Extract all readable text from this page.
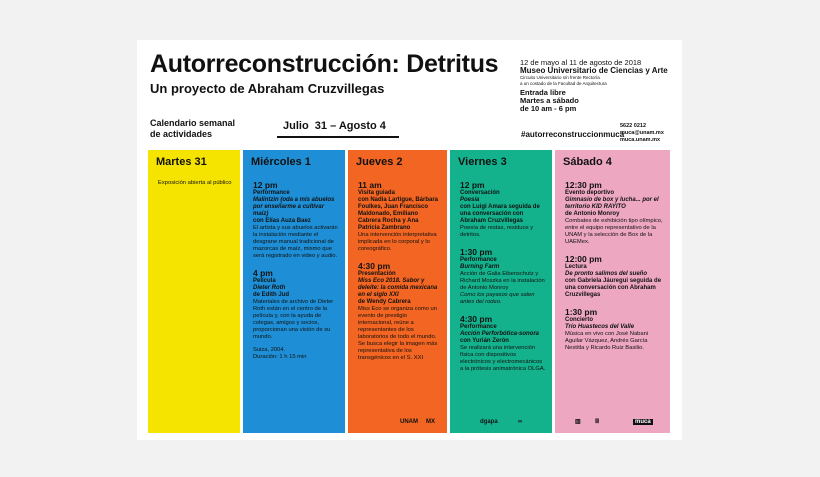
Autorreconstrucción: Detritus
Un proyecto de Abraham Cruzvillegas
Calendario semanal
de actividades
Julio  31 – Agosto 4
12 de mayo al 11 de agosto de 2018
Museo Universitario de Ciencias y Arte
Circuito Universitario s/n frente Rectoría
a un costado de la Facultad de Arquitectura
Entrada libre
Martes a sábado
de 10 am - 6 pm
5622 0212
muca@unam.mx
muca.unam.mx
#autorreconstruccionmuca
Martes 31
Exposición abierta al público
Miércoles 1
12 pm
Performance
Malintzin (oda a mis abuelos por enseñarme a cultivar maíz)
con Elías Auza Baez
El artista y sus abuelos activarán la instalación mediante el desgrane manual tradicional de mazorcas de maíz, mismo que será registrado en video y audio.
4 pm
Película
Dieter Roth
de Edith Jud
Materiales de archivo de Dieter Roth están en el centro de la película y, con la ayuda de colegas, amigos y socios, proporcionan una visión de su mundo.
Suiza, 2004.
Duración: 1 h 15 min
Jueves 2
11 am
Visita guiada
con Nadia Lartigue, Bárbara Foulkes, Juan Francisco Maldonado, Emiliano Cabrera Rocha y Ana Patricia Zambrano
Una intervención interpretativa implicada en lo corporal y lo coreográfico.
4:30 pm
Presentación
Miss Eco 2018. Sabor y deleite: la comida mexicana en el siglo XXI
de Wendy Cabrera
Miss Eco se organiza como un evento de prestigio internacional, reúne a representantes de los laboratorios de todo el mundo. Se busca elegir la imagen más representativa de los transgénicos en el S. XXI
UNAM MX
Viernes 3
12 pm
Conversación
Poesía
con Luigi Amara seguida de una conversación con Abraham Cruzvillegas
Poesía de restas, residuos y detritos.
1:30 pm
Performance
Burning Farm
Acción de Galia Eibenschutz y Richard Moszka en la instalación de Antonio Monroy
Como los payasos que salen antes del rodeo.
4:30 pm
Performance
Acción Perforbótica-sonora
con Yurián Zerón
Se realizará una intervención física con dispositivos electrónicos y electromecánicos a la prótesis animatrónica OLGA.
dgapa	∞
Sábado 4
12:30 pm
Evento deportivo
Gimnasio de box y lucha... por el territorio KID RAYITO
de Antonio Monroy
Combates de exhibición tipo olímpico, entre el equipo representativo de la UNAM y la selección de Box de la UAEMex.
12:00 pm
Lectura
De pronto salimos del sueño
con Gabriela Jáuregui seguida de una conversación con Abraham Cruzvillegas
1:30 pm
Concierto
Trío Huastecos del Valle
Música en vivo con José Nabani Aguilar Vázquez, Andrés García Nestitla y Ricardo Ruiz Basilio.
▥ Ⅲ	muca
